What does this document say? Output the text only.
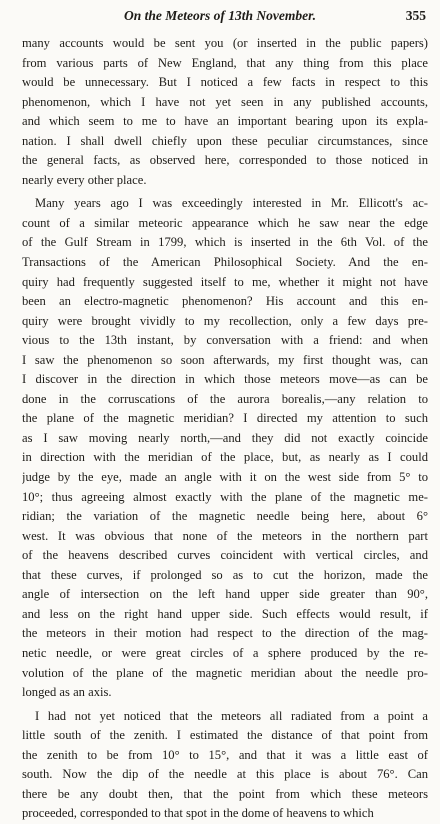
On the Meteors of 13th November.	355
many accounts would be sent you (or inserted in the public papers)
from various parts of New England, that any thing from this place
would be unnecessary. But I noticed a few facts in respect to this
phenomenon, which I have not yet seen in any published accounts,
and which seem to me to have an important bearing upon its expla-
nation. I shall dwell chiefly upon these peculiar circumstances, since
the general facts, as observed here, corresponded to those noticed in
nearly every other place.
Many years ago I was exceedingly interested in Mr. Ellicott's ac-
count of a similar meteoric appearance which he saw near the edge
of the Gulf Stream in 1799, which is inserted in the 6th Vol. of the
Transactions of the American Philosophical Society. And the en-
quiry had frequently suggested itself to me, whether it might not have
been an electro-magnetic phenomenon? His account and this en-
quiry were brought vividly to my recollection, only a few days pre-
vious to the 13th instant, by conversation with a friend: and when
I saw the phenomenon so soon afterwards, my first thought was, can
I discover in the direction in which those meteors move—as can be
done in the corruscations of the aurora borealis,—any relation to
the plane of the magnetic meridian? I directed my attention to such
as I saw moving nearly north,—and they did not exactly coincide
in direction with the meridian of the place, but, as nearly as I could
judge by the eye, made an angle with it on the west side from 5° to
10°; thus agreeing almost exactly with the plane of the magnetic me-
ridian; the variation of the magnetic needle being here, about 6°
west. It was obvious that none of the meteors in the northern part
of the heavens described curves coincident with vertical circles, and
that these curves, if prolonged so as to cut the horizon, made the
angle of intersection on the left hand upper side greater than 90°,
and less on the right hand upper side. Such effects would result, if
the meteors in their motion had respect to the direction of the mag-
netic needle, or were great circles of a sphere produced by the re-
volution of the plane of the magnetic meridian about the needle pro-
longed as an axis.
I had not yet noticed that the meteors all radiated from a point a
little south of the zenith. I estimated the distance of that point from
the zenith to be from 10° to 15°, and that it was a little east of
south. Now the dip of the needle at this place is about 76°. Can
there be any doubt then, that the point from which these meteors
proceeded, corresponded to that spot in the dome of heavens to which
